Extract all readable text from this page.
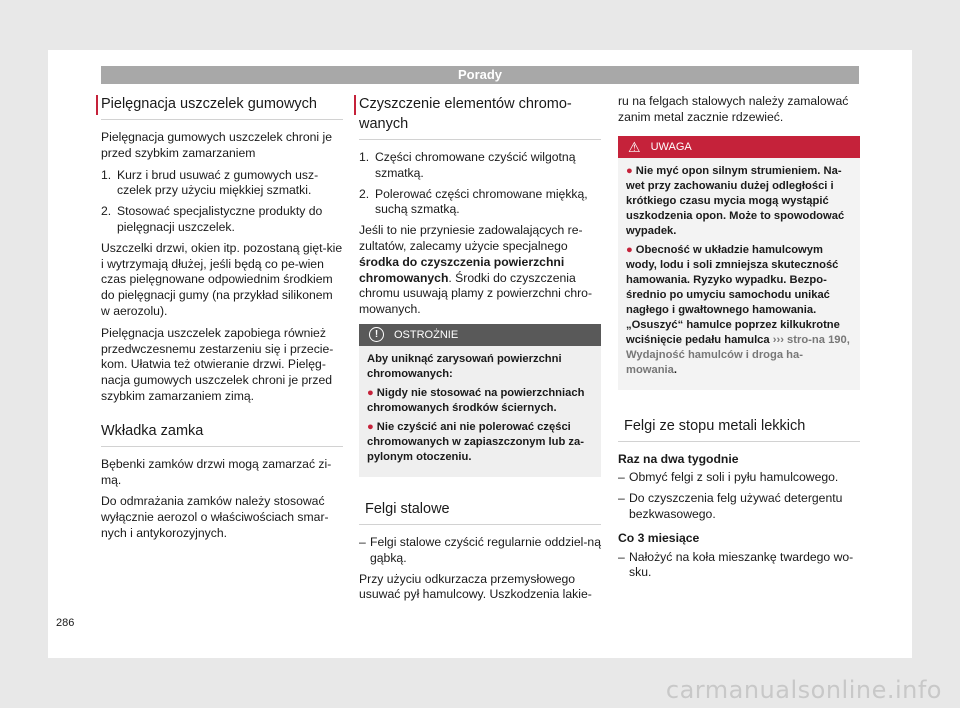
Porady
Pielęgnacja uszczelek gumowych

Pielęgnacja gumowych uszczelek chroni je przed szybkim zamarzaniem

1. Kurz i brud usuwać z gumowych usz-czelek przy użyciu miękkiej szmatki.
2. Stosować specjalistyczne produkty do pielęgnacji uszczelek.

Uszczelki drzwi, okien itp. pozostaną gięt-kie i wytrzymają dłużej, jeśli będą co pe-wien czas pielęgnowane odpowiednim środkiem do pielęgnacji gumy (na przykład silikonem w aerozolu).

Pielęgnacja uszczelek zapobiega również przedwczesnemu zestarzeniu się i przecie-kom. Ułatwia też otwieranie drzwi. Pielęg-nacja gumowych uszczelek chroni je przed szybkim zamarzaniem zimą.

Wkładka zamka

Bębenki zamków drzwi mogą zamarzać zi-mą.

Do odmrażania zamków należy stosować wyłącznie aerozol o właściwościach smar-nych i antykorozyjnych.

Czyszczenie elementów chromo-wanych
1. Części chromowane czyścić wilgotną szmatką.
2. Polerować części chromowane miękką, suchą szmatką.

Jeśli to nie przyniesie zadowalających re-zultatów, zalecamy użycie specjalnego środka do czyszczenia powierzchni chromowanych. Środki do czyszczenia chromu usuwają plamy z powierzchni chro-mowanych.

!	OSTROŻNIE

Aby uniknąć zarysowań powierzchni chromowanych:

● Nigdy nie stosować na powierzchniach chromowanych środków ściernych.

● Nie czyścić ani nie polerować części chromowanych w zapiaszczonym lub za-pylonym otoczeniu.

Felgi stalowe
– Felgi stalowe czyścić regularnie oddziel-ną gąbką.

Przy użyciu odkurzacza przemysłowego usuwać pył hamulcowy. Uszkodzenia lakie-

ru na felgach stalowych należy zamalować zanim metal zacznie rdzewieć.

⚠ UWAGA

● Nie myć opon silnym strumieniem. Na-wet przy zachowaniu dużej odległości i krótkiego czasu mycia mogą wystąpić uszkodzenia opon. Może to spowodować wypadek.

● Obecność w układzie hamulcowym wody, lodu i soli zmniejsza skuteczność hamowania. Ryzyko wypadku. Bezpo-średnio po umyciu samochodu unikać nagłego i gwałtownego hamowania. „Osuszyć“ hamulce poprzez kilkukrotne wciśnięcie pedału hamulca ››› stro-na 190, Wydajność hamulców i droga ha-mowania.

Felgi ze stopu metali lekkich

Raz na dwa tygodnie

– Obmyć felgi z soli i pyłu hamulcowego.
– Do czyszczenia felg używać detergentu bezkwasowego.

Co 3 miesiące

– Nałożyć na koła mieszankę twardego wo-sku.
286
carmanualsonline.info
